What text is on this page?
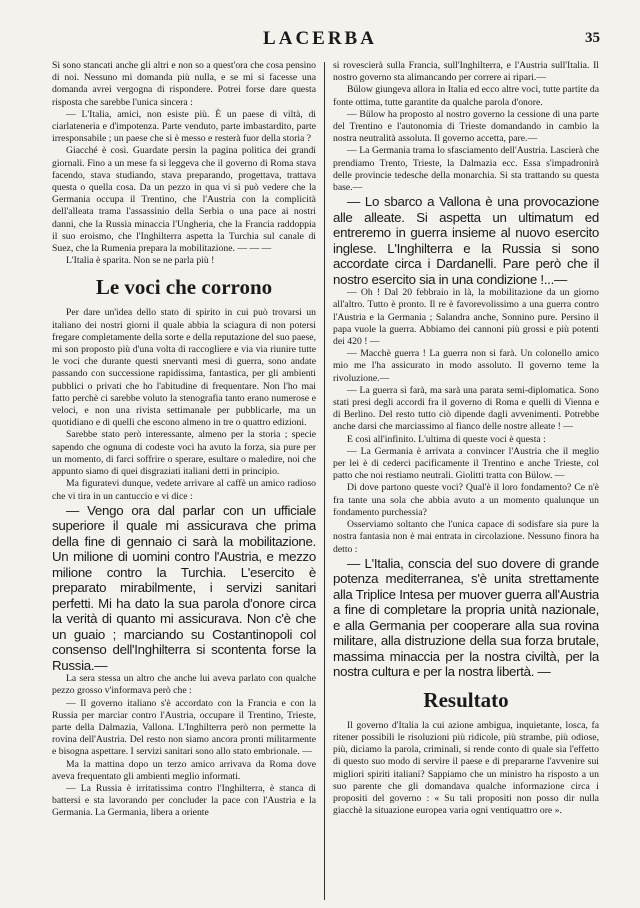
LACERBA	35

Si sono stancati anche gli altri e non so a quest'ora che cosa pensino di noi. Nessuno mi domanda più nulla, e se mi si facesse una domanda avrei vergogna di rispondere. Potrei forse dare questa risposta che sarebbe l'unica sincera :

— L'Italia, amici, non esiste più. È un paese di viltà, di ciarlateneria e d'impotenza. Parte venduto, parte imbastardito, parte irresponsabile ; un paese che si è messo e resterà fuor della storia ?

Giacché è così. Guardate persin la pagina politica dei grandi giornali. Fino a un mese fa si leggeva che il governo di Roma stava facendo, stava studiando, stava preparando, progettava, trattava questa o quella cosa. Da un pezzo in qua vi si può vedere che la Germania occupa il Trentino, che l'Austria con la complicità dell'alleata trama l'assassinio della Serbia o una pace ai nostri danni, che la Russia minaccia l'Ungheria, che la Francia raddoppia il suo eroismo, che l'Inghilterra aspetta la Turchia sul canale di Suez, che la Rumenia prepara la mobilitazione. — — —

L'Italia è sparita. Non se ne parla più !

Le voci che corrono

Per dare un'idea dello stato di spirito in cui può trovarsi un italiano dei nostri giorni il quale abbia la sciagura di non potersi fregare completamente della sorte e della reputazione del suo paese, mi son proposto più d'una volta di raccogliere e via via riunire tutte le voci che durante questi snervanti mesi di guerra, sono andate passando con successione rapidissima, fantastica, per gli ambienti pubblici o privati che ho l'abitudine di frequentare. Non l'ho mai fatto perchè ci sarebbe voluto la stenografia tanto erano numerose e veloci, e non una rivista settimanale per pubblicarle, ma un quotidiano e di quelli che escono almeno in tre o quattro edizioni.

Sarebbe stato però interessante, almeno per la storia ; specie sapendo che ognuna di codeste voci ha avuto la forza, sia pure per un momento, di farci soffrire o sperare, esultare o maledire, noi che appunto siamo di quei disgraziati italiani detti in principio.

Ma figuratevi dunque, vedete arrivare al caffè un amico radioso che vi tira in un cantuccio e vi dice :

— Vengo ora dal parlar con un ufficiale superiore il quale mi assicurava che prima della fine di gennaio ci sarà la mobilitazione. Un milione di uomini contro l'Austria, e mezzo milione contro la Turchia. L'esercito è preparato mirabilmente, i servizi sanitari perfetti. Mi ha dato la sua parola d'onore circa la verità di quanto mi assicurava. Non c'è che un guaio ; marciando su Costantinopoli col consenso dell'Inghilterra si scontenta forse la Russia.—

La sera stessa un altro che anche lui aveva parlato con qualche pezzo grosso v'informava però che :

— Il governo italiano s'è accordato con la Francia e con la Russia per marciar contro l'Austria, occupare il Trentino, Trieste, parte della Dalmazia, Vallona. L'Inghilterra però non permette la rovina dell'Austria. Del resto non siamo ancora pronti militarmente e bisogna aspettare. I servizi sanitari sono allo stato embrionale. —

Ma la mattina dopo un terzo amico arrivava da Roma dove aveva frequentato gli ambienti meglio informati.

— La Russia è irritatissima contro l'Inghilterra, è stanca di battersi e sta lavorando per concluder la pace con l'Austria e la Germania. La Germania, libera a oriente

si rovescierà sulla Francia, sull'Inghilterra, e l'Austria sull'Italia. Il nostro governo sta alimancando per correre ai ripari.—

Bülow giungeva allora in Italia ed ecco altre voci, tutte partite da fonte ottima, tutte garantite da qualche parola d'onore.

— Bülow ha proposto al nostro governo la cessione di una parte del Trentino e l'autonomia di Trieste domandando in cambio la nostra neutralità assoluta. Il governo accetta, pare.—

— La Germania trama lo sfasciamento dell'Austria. Lascierà che prendiamo Trento, Trieste, la Dalmazia ecc. Essa s'impadronirà delle provincie tedesche della monarchia. Si sta trattando su questa base.—

— Lo sbarco a Vallona è una provocazione alle alleate. Si aspetta un ultimatum ed entreremo in guerra insieme al nuovo esercito inglese. L'Inghilterra e la Russia si sono accordate circa i Dardanelli. Pare però che il nostro esercito sia in una condizione !...—

— Oh ! Dal 20 febbraio in là, la mobilitazione da un giorno all'altro. Tutto è pronto. Il re è favorevolissimo a una guerra contro l'Austria e la Germania ; Salandra anche, Sonnino pure. Persino il papa vuole la guerra. Abbiamo dei cannoni più grossi e più potenti dei 420 ! —

— Macchè guerra ! La guerra non si farà. Un colonello amico mio me l'ha assicurato in modo assoluto. Il governo teme la rivoluzione.—

— La guerra si farà, ma sarà una parata semi-diplomatica. Sono stati presi degli accordi fra il governo di Roma e quelli di Vienna e di Berlino. Del resto tutto ciò dipende dagli avvenimenti. Potrebbe anche darsi che marciassimo al fianco delle nostre alleate ! —

E così all'infinito. L'ultima di queste voci è questa :

— La Germania è arrivata a convincer l'Austria che il meglio per lei è di cederci pacificamente il Trentino e anche Trieste, col patto che noi restiamo neutrali. Giolitti tratta con Bülow. —

Di dove partono queste voci? Qual'è il loro fondamento? Ce n'è fra tante una sola che abbia avuto a un momento qualunque un fondamento purchessia?

Osserviamo soltanto che l'unica capace di sodisfare sia pure la nostra fantasia non è mai entrata in circolazione. Nessuno finora ha detto :

— L'Italia, conscia del suo dovere di grande potenza mediterranea, s'è unita strettamente alla Triplice Intesa per muover guerra all'Austria a fine di completare la propria unità nazionale, e alla Germania per cooperare alla sua rovina militare, alla distruzione della sua forza brutale, massima minaccia per la nostra civiltà, per la nostra cultura e per la nostra libertà. —

Resultato

Il governo d'Italia la cui azione ambigua, inquietante, losca, fa ritener possibili le risoluzioni più ridicole, più strambe, più odiose, più, diciamo la parola, criminali, si rende conto di quale sia l'effetto di questo suo modo di servire il paese e di prepararne l'avvenire sui migliori spiriti italiani? Sappiamo che un ministro ha risposto a un suo parente che gli domandava qualche informazione circa i propositi del governo : « Su tali propositi non posso dir nulla giacchè la situazione europea varia ogni ventiquattro ore ».
